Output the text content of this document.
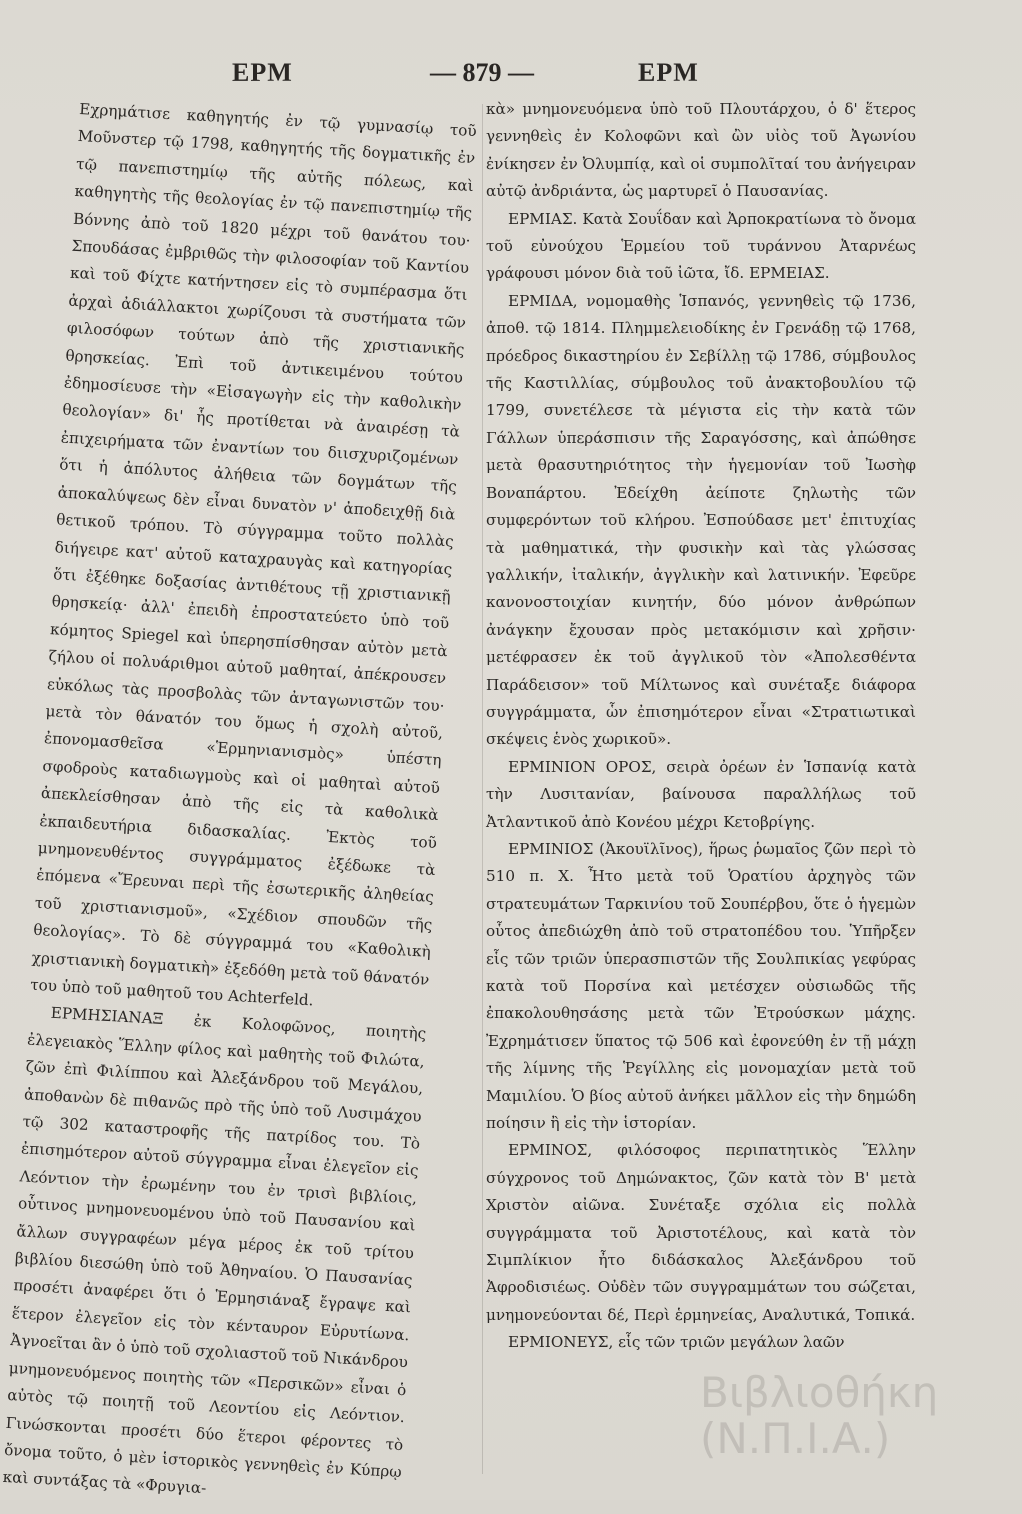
ΕΡΜ	— 879 —	ΕΡΜ

Εχρημάτισε καθηγητής ἐν τῷ γυμνασίῳ τοῦ Μοῦνστερ τῷ 1798, καθηγητής τῆς δογματικῆς ἐν τῷ πανεπιστημίῳ τῆς αὐτῆς πόλεως, καὶ καθηγητὴς τῆς θεολογίας ἐν τῷ πανεπιστημίῳ τῆς Βόννης ἀπὸ τοῦ 1820 μέχρι τοῦ θανάτου του· Σπουδάσας ἐμβριθῶς τὴν φιλοσοφίαν τοῦ Καντίου καὶ τοῦ Φίχτε κατήντησεν εἰς τὸ συμπέρασμα ὅτι ἀρχαὶ ἀδιάλλακτοι χωρίζουσι τὰ συστήματα τῶν φιλοσόφων τούτων ἀπὸ τῆς χριστιανικῆς θρησκείας. Ἐπὶ τοῦ ἀντικειμένου τούτου ἐδημοσίευσε τὴν «Εἰσαγωγὴν εἰς τὴν καθολικὴν θεολογίαν» δι' ἧς προτίθεται νὰ ἀναιρέσῃ τὰ ἐπιχειρήματα τῶν ἐναντίων του διισχυριζομένων ὅτι ἡ ἀπόλυτος ἀλήθεια τῶν δογμάτων τῆς ἀποκαλύψεως δὲν εἶναι δυνατὸν ν' ἀποδειχθῇ διὰ θετικοῦ τρόπου. Τὸ σύγγραμμα τοῦτο πολλὰς διήγειρε κατ' αὐτοῦ καταχραυγὰς καὶ κατηγορίας ὅτι ἐξέθηκε δοξασίας ἀντιθέτους τῇ χριστιανικῇ θρησκείᾳ· ἀλλ' ἐπειδὴ ἐπροστατεύετο ὑπὸ τοῦ κόμητος Spiegel καὶ ὑπερησπίσθησαν αὐτὸν μετὰ ζήλου οἱ πολυάριθμοι αὐτοῦ μαθηταί, ἀπέκρουσεν εὐκόλως τὰς προσβολὰς τῶν ἀνταγωνιστῶν του· μετὰ τὸν θάνατόν του ὅμως ἡ σχολὴ αὐτοῦ, ἐπονομασθεῖσα «Ἑρμηνιανισμὸς» ὑπέστη σφοδροὺς καταδιωγμοὺς καὶ οἱ μαθηταὶ αὐτοῦ ἀπεκλείσθησαν ἀπὸ τῆς εἰς τὰ καθολικὰ ἐκπαιδευτήρια διδασκαλίας. Ἐκτὸς τοῦ μνημονευθέντος συγγράμματος ἐξέδωκε τὰ ἑπόμενα «Ἔρευναι περὶ τῆς ἐσωτερικῆς ἀληθείας τοῦ χριστιανισμοῦ», «Σχέδιον σπουδῶν τῆς θεολογίας». Τὸ δὲ σύγγραμμά του «Καθολικὴ χριστιανικὴ δογματικὴ» ἐξεδόθη μετὰ τοῦ θάνατόν του ὑπὸ τοῦ μαθητοῦ του Achterfeld.

ΕΡΜΗΣΙΑΝΑΞ ἐκ Κολοφῶνος, ποιητὴς ἐλεγειακὸς Ἕλλην φίλος καὶ μαθητὴς τοῦ Φιλώτα, ζῶν ἐπὶ Φιλίππου καὶ Ἀλεξάνδρου τοῦ Μεγάλου, ἀποθανὼν δὲ πιθανῶς πρὸ τῆς ὑπὸ τοῦ Λυσιμάχου τῷ 302 καταστροφῆς τῆς πατρίδος του. Τὸ ἐπισημότερον αὐτοῦ σύγγραμμα εἶναι ἐλεγεῖον εἰς Λεόντιον τὴν ἐρωμένην του ἐν τρισὶ βιβλίοις, οὗτινος μνημονευομένου ὑπὸ τοῦ Παυσανίου καὶ ἄλλων συγγραφέων μέγα μέρος ἐκ τοῦ τρίτου βιβλίου διεσώθη ὑπὸ τοῦ Ἀθηναίου. Ὁ Παυσανίας προσέτι ἀναφέρει ὅτι ὁ Ἑρμησιάναξ ἔγραψε καὶ ἕτερον ἐλεγεῖον εἰς τὸν κένταυρον Εὐρυτίωνα. Ἀγνοεῖται ἂν ὁ ὑπὸ τοῦ σχολιαστοῦ τοῦ Νικάνδρου μνημονευόμενος ποιητὴς τῶν «Περσικῶν» εἶναι ὁ αὐτὸς τῷ ποιητῇ τοῦ Λεοντίου εἰς Λεόντιον. Γινώσκονται προσέτι δύο ἕτεροι φέροντες τὸ ὄνομα τοῦτο, ὁ μὲν ἱστορικὸς γεννηθεὶς ἐν Κύπρῳ καὶ συντάξας τὰ «Φρυγια-

κὰ» μνημονευόμενα ὑπὸ τοῦ Πλουτάρχου, ὁ δ' ἕτερος γεννηθεὶς ἐν Κολοφῶνι καὶ ὢν υἱὸς τοῦ Ἀγωνίου ἐνίκησεν ἐν Ὀλυμπίᾳ, καὶ οἱ συμπολῖταί του ἀνήγειραν αὐτῷ ἀνδριάντα, ὡς μαρτυρεῖ ὁ Παυσανίας.

ΕΡΜΙΑΣ. Κατὰ Σουΐδαν καὶ Ἀρποκρατίωνα τὸ ὄνομα τοῦ εὐνούχου Ἑρμείου τοῦ τυράννου Ἀταρνέως γράφουσι μόνον διὰ τοῦ ἰῶτα, ἴδ. ΕΡΜΕΙΑΣ.

ΕΡΜΙΔΑ, νομομαθὴς Ἱσπανός, γεννηθεὶς τῷ 1736, ἀποθ. τῷ 1814. Πλημμελειοδίκης ἐν Γρενάδῃ τῷ 1768, πρόεδρος δικαστηρίου ἐν Σεβίλλῃ τῷ 1786, σύμβουλος τῆς Καστιλλίας, σύμβουλος τοῦ ἀνακτοβουλίου τῷ 1799, συνετέλεσε τὰ μέγιστα εἰς τὴν κατὰ τῶν Γάλλων ὑπεράσπισιν τῆς Σαραγόσσης, καὶ ἀπώθησε μετὰ θρασυτηριότητος τὴν ἡγεμονίαν τοῦ Ἰωσὴφ Βοναπάρτου. Ἐδείχθη ἀείποτε ζηλωτὴς τῶν συμφερόντων τοῦ κλήρου. Ἐσπούδασε μετ' ἐπιτυχίας τὰ μαθηματικά, τὴν φυσικὴν καὶ τὰς γλώσσας γαλλικήν, ἰταλικήν, ἀγγλικὴν καὶ λατινικήν. Ἐφεῦρε κανονοστοιχίαν κινητήν, δύο μόνον ἀνθρώπων ἀνάγκην ἔχουσαν πρὸς μετακόμισιν καὶ χρῆσιν· μετέφρασεν ἐκ τοῦ ἀγγλικοῦ τὸν «Ἀπολεσθέντα Παράδεισον» τοῦ Μίλτωνος καὶ συνέταξε διάφορα συγγράμματα, ὧν ἐπισημότερον εἶναι «Στρατιωτικαὶ σκέψεις ἑνὸς χωρικοῦ».

ΕΡΜΙΝΙΟΝ ΟΡΟΣ, σειρὰ ὀρέων ἐν Ἱσπανίᾳ κατὰ τὴν Λυσιτανίαν, βαίνουσα παραλλήλως τοῦ Ἀτλαντικοῦ ἀπὸ Κονέου μέχρι Κετοβρίγης.

ΕΡΜΙΝΙΟΣ (Ἀκουϊλῖνος), ἥρως ῥωμαῖος ζῶν περὶ τὸ 510 π. Χ. Ἦτο μετὰ τοῦ Ὁρατίου ἀρχηγὸς τῶν στρατευμάτων Ταρκινίου τοῦ Σουπέρβου, ὅτε ὁ ἡγεμὼν οὗτος ἀπεδιώχθη ἀπὸ τοῦ στρατοπέδου του. Ὑπῆρξεν εἷς τῶν τριῶν ὑπερασπιστῶν τῆς Σουλπικίας γεφύρας κατὰ τοῦ Πορσίνα καὶ μετέσχεν οὐσιωδῶς τῆς ἐπακολουθησάσης μετὰ τῶν Ἐτρούσκων μάχης. Ἐχρημάτισεν ὕπατος τῷ 506 καὶ ἐφονεύθη ἐν τῇ μάχῃ τῆς λίμνης τῆς Ῥεγίλλης εἰς μονομαχίαν μετὰ τοῦ Μαμιλίου. Ὁ βίος αὐτοῦ ἀνήκει μᾶλλον εἰς τὴν δημώδη ποίησιν ἢ εἰς τὴν ἱστορίαν.

ΕΡΜΙΝΟΣ, φιλόσοφος περιπατητικὸς Ἕλλην σύγχρονος τοῦ Δημώνακτος, ζῶν κατὰ τὸν Β' μετὰ Χριστὸν αἰῶνα. Συνέταξε σχόλια εἰς πολλὰ συγγράμματα τοῦ Ἀριστοτέλους, καὶ κατὰ τὸν Σιμπλίκιον ἦτο διδάσκαλος Ἀλεξάνδρου τοῦ Ἀφροδισιέως. Οὐδὲν τῶν συγγραμμάτων του σώζεται, μνημονεύονται δέ, Περὶ ἑρμηνείας, Αναλυτικά, Τοπικά.

ΕΡΜΙΟΝΕΥΣ, εἷς τῶν τριῶν μεγάλων λαῶν

Βιβλιοθήκη
(Ν.Π.Ι.Α.)
